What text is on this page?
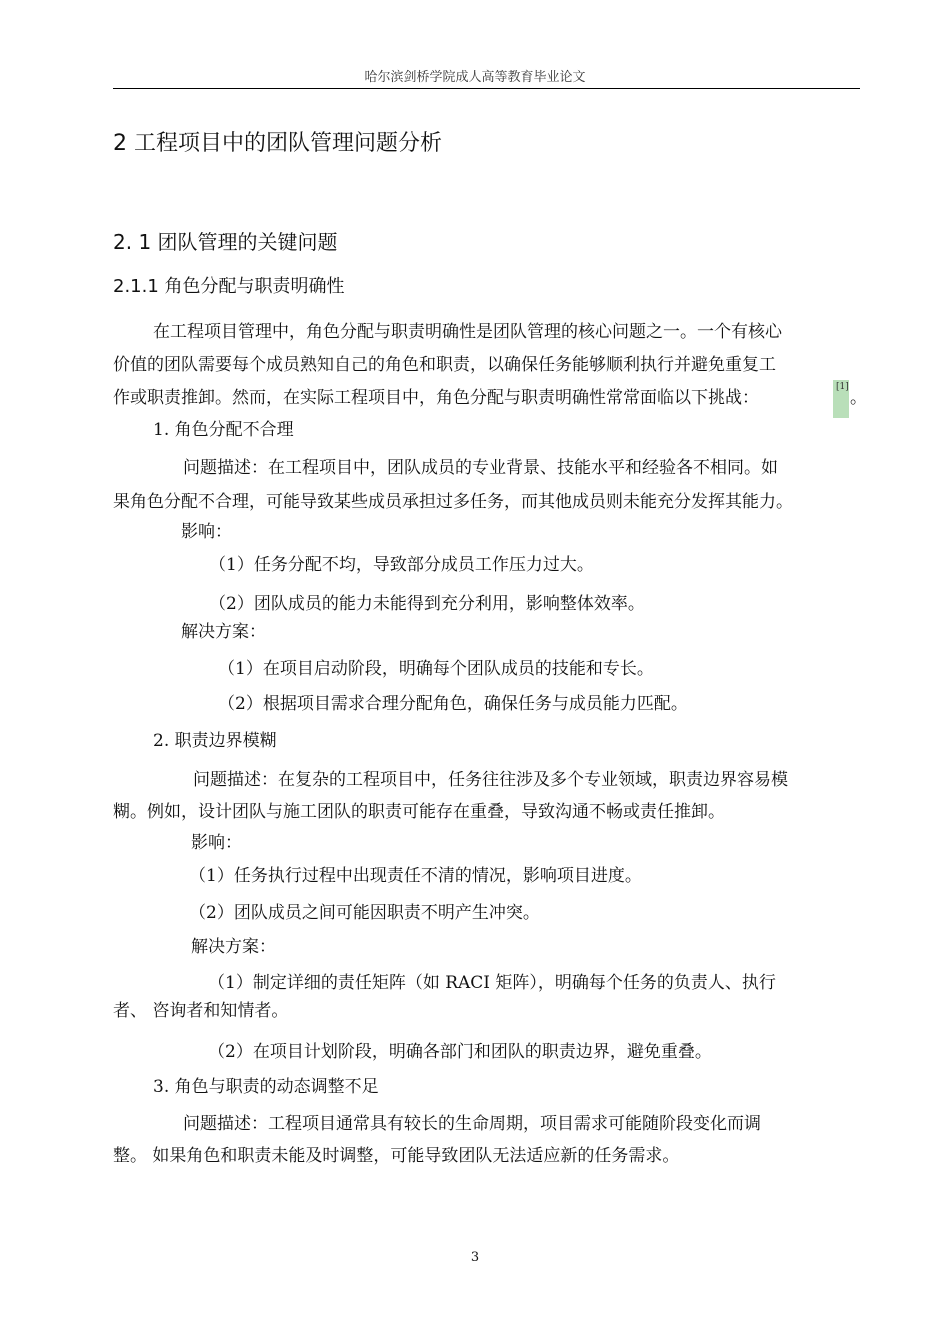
哈尔滨剑桥学院成人高等教育毕业论文
2 工程项目中的团队管理问题分析
2. 1 团队管理的关键问题
2.1.1 角色分配与职责明确性
在工程项目管理中，角色分配与职责明确性是团队管理的核心问题之一。一个有核心
价值的团队需要每个成员熟知自己的角色和职责，以确保任务能够顺利执行并避免重复工
作或职责推卸。然而，在实际工程项目中，角色分配与职责明确性常常面临以下挑战：
[1]
。
1. 角色分配不合理
问题描述：在工程项目中，团队成员的专业背景、技能水平和经验各不相同。如
果角色分配不合理，可能导致某些成员承担过多任务，而其他成员则未能充分发挥其能力。
影响：
（1）任务分配不均，导致部分成员工作压力过大。
（2）团队成员的能力未能得到充分利用，影响整体效率。
解决方案：
（1）在项目启动阶段，明确每个团队成员的技能和专长。
（2）根据项目需求合理分配角色，确保任务与成员能力匹配。
2. 职责边界模糊
问题描述：在复杂的工程项目中，任务往往涉及多个专业领域，职责边界容易模
糊。例如，设计团队与施工团队的职责可能存在重叠，导致沟通不畅或责任推卸。
影响：
（1）任务执行过程中出现责任不清的情况，影响项目进度。
（2）团队成员之间可能因职责不明产生冲突。
解决方案：
（1）制定详细的责任矩阵（如 RACI 矩阵），明确每个任务的负责人、执行
者、 咨询者和知情者。
（2）在项目计划阶段，明确各部门和团队的职责边界，避免重叠。
3. 角色与职责的动态调整不足
问题描述：工程项目通常具有较长的生命周期，项目需求可能随阶段变化而调
整。 如果角色和职责未能及时调整，可能导致团队无法适应新的任务需求。
3
